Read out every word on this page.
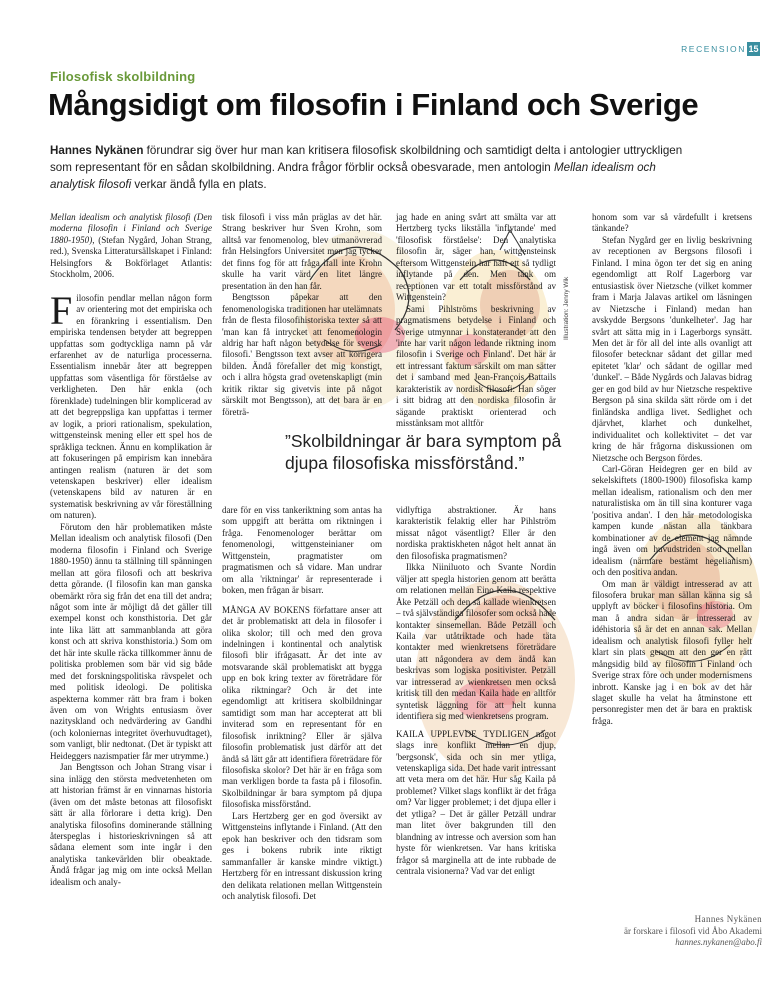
RECENSION 15
Filosofisk skolbildning
Mångsidigt om filosofin i Finland och Sverige
Hannes Nykänen förundrar sig över hur man kan kritisera filosofisk skolbildning och samtidigt delta i antologier uttryckligen som representant för en sådan skolbildning. Andra frågor förblir också obesvarade, men antologin Mellan idealism och analytisk filosofi verkar ändå fylla en plats.
Illustration: Jenny Wik
”Skolbildningar är bara symptom på djupa filosofiska missförstånd.”

Mellan idealism och analytisk filosofi (Den moderna filosofin i Finland och Sverige 1880-1950), (Stefan Nygård, Johan Strang, red.), Svenska Litteratursällskapet i Finland: Helsingfors & Bokförlaget Atlantis: Stockholm, 2006.

Filosofin pendlar mellan någon form av orientering mot det empiriska och en förankring i essentialism. Den empiriska tendensen betyder att begreppen uppfattas som godtyckliga namn på vår erfarenhet av de naturliga processerna. Essentialism innebär åter att begreppen uppfattas som väsentliga för förståelse av verkligheten. Den här enkla (och förenklade) tudelningen blir komplicerad av att det begreppsliga kan uppfattas i termer av logik, a priori rationalism, spekulation, wittgensteinsk mening eller ett spel hos de språkliga tecknen. Ännu en komplikation är att fokuseringen på empirism kan innebära antingen realism (naturen är det som vetenskapen beskriver) eller idealism (vetenskapens bild av naturen är en systematisk beskrivning av vår föreställning om naturen).

Förutom den här problematiken måste Mellan idealism och analytisk filosofi (Den moderna filosofin i Finland och Sverige 1880-1950) ännu ta ställning till spänningen mellan att göra filosofi och att beskriva detta görande. (I filosofin kan man ganska obemärkt röra sig från det ena till det andra; något som inte är möjligt då det gäller till exempel konst och konsthistoria. Det går inte lika lätt att sammanblanda att göra konst och att skriva konsthistoria.) Som om det här inte skulle räcka tillkommer ännu de politiska problemen som bär vid sig både med det forskningspolitiska rävspelet och med politisk ideologi. De politiska aspekterna kommer rätt bra fram i boken även om von Wrights entusiasm över nazityskland och nedvärdering av Gandhi (och koloniernas integritet överhuvudtaget), som vanligt, blir nedtonat. (Det är typiskt att Heideggers nazismpatier får mer utrymme.)

Jan Bengtsson och Johan Strang visar i sina inlägg den största medvetenheten om att historian främst är en vinnarnas historia (även om det måste betonas att filosofiskt sätt är alla förlorare i detta krig). Den analytiska filosofins dominerande ställning återspeglas i historieskrivningen så att sådana element som inte ingår i den analytiska tankevärlden blir obeaktade. Ändå frågar jag mig om inte också Mellan idealism och analy-

tisk filosofi i viss mån präglas av det här. Strang beskriver hur Sven Krohn, som alltså var fenomenolog, blev utmanövrerad från Helsingfors Universitet men jag tycker det finns fog för att fråga ifall inte Krohn skulle ha varit värd en litet längre presentation än den han får.

Bengtsson påpekar att den fenomenologiska traditionen har utelämnats från de flesta filosofihistoriska texter så att 'man kan få intrycket att fenomenologin aldrig har haft någon betydelse för svensk filosofi.' Bengtsson text avser att korrigera bilden. Ändå förefaller det mig konstigt, och i allra högsta grad ovetenskapligt (min kritik riktar sig givetvis inte på något särskilt mot Bengtsson), att det bara är en företrä-

dare för en viss tankeriktning som antas ha som uppgift att berätta om riktningen i fråga. Fenomenologer berättar om fenomenologi, wittgensteinianer om Wittgenstein, pragmatister om pragmatismen och så vidare. Man undrar om alla 'riktningar' är representerade i boken, men frågan är bisarr.

MÅNGA AV BOKENS författare anser att det är problematiskt att dela in filosofer i olika skolor; till och med den grova indelningen i kontinental och analytisk filosofi blir ifrågasatt. Är det inte av motsvarande skäl problematiskt att bygga upp en bok kring texter av företrädare för olika riktningar? Och är det inte egendomligt att kritisera skolbildningar samtidigt som man har accepterat att bli inviterad som en representant för en filosofisk inriktning? Eller är själva filosofin problematisk just därför att det ändå så lätt går att identifiera företrädare för filosofiska skolor? Det här är en fråga som man verkligen borde ta fasta på i filosofin. Skolbildningar är bara symptom på djupa filosofiska missförstånd.

Lars Hertzberg ger en god översikt av Wittgensteins inflytande i Finland. (Att den epok han beskriver och den tidsram som ges i bokens rubrik inte riktigt sammanfaller är kanske mindre viktigt.) Hertzberg för en intressant diskussion kring den delikata relationen mellan Wittgenstein och analytisk filosofi. Det

jag hade en aning svårt att smälta var att Hertzberg tycks likställa 'inflytande' med 'filosofisk förståelse': Den analytiska filosofin är, säger han, wittgensteinsk eftersom Wittgenstein har haft ett så tydligt inflytande på den. Men tänk om receptionen var ett totalt missförstånd av Wittgenstein?

Sami Pihlströms beskrivning av pragmatismens betydelse i Finland och Sverige utmynnar i konstaterandet att den 'inte har varit någon ledande riktning inom filosofin i Sverige och Finland'. Det här är ett intressant faktum särskilt om man sätter det i samband med Jean-François Battails karakteristik av nordisk filosofi: Han söger i sitt bidrag att den nordiska filosofin är sägande praktiskt orienterad och misstänksam mot alltför

vidlyftiga abstraktioner. Är hans karakteristik felaktig eller har Pihlström missat något väsentligt? Eller är den nordiska praktiskheten något helt annat än den filosofiska pragmatismen?

Ilkka Niiniluoto och Svante Nordin väljer att spegla historien genom att berätta om relationen mellan Eino Kaila respektive Åke Petzäll och den så kallade wienkretsen – två självständiga filosofer som också hade kontakter sinsemellan. Både Petzäll och Kaila var utåtriktade och hade täta kontakter med wienkretsens företrädare utan att någondera av dem ändå kan beskrivas som logiska positivister. Petzäll var intresserad av wienkretsen men också kritisk till den medan Kaila hade en alltför syntetisk läggning för att helt kunna identifiera sig med wienkretsens program.

KAILA UPPLEVDE TYDLIGEN något slags inre konflikt mellan en djup, 'bergsonsk', sida och sin mer ytliga, vetenskapliga sida. Det hade varit intressant att veta mera om det här. Hur såg Kaila på problemet? Vilket slags konflikt är det fråga om? Var ligger problemet; i det djupa eller i det ytliga? – Det är gäller Petzäll undrar man litet över bakgrunden till den blandning av intresse och aversion som han hyste för wienkretsen. Var hans kritiska frågor så marginella att de inte rubbade de centrala visionerna? Vad var det enligt

honom som var så värdefullt i kretsens tänkande?

Stefan Nygård ger en livlig beskrivning av receptionen av Bergsons filosofi i Finland. I mina ögon ter det sig en aning egendomligt att Rolf Lagerborg var entusiastisk över Nietzsche (vilket kommer fram i Marja Jalavas artikel om läsningen av Nietzsche i Finland) medan han avskydde Bergsons 'dunkelheter'. Jag har svårt att sätta mig in i Lagerborgs synsätt. Men det är för all del inte alls ovanligt att filosofer betecknar sådant det gillar med epitetet 'klar' och sådant de ogillar med 'dunkel'. – Både Nygårds och Jalavas bidrag ger en god bild av hur Nietzsche respektive Bergson på sina skilda sätt rörde om i det finländska andliga livet. Sedlighet och djärvhet, klarhet och dunkelhet, individualitet och kollektivitet – det var kring de här frågorna diskussionen om Nietzsche och Bergson fördes.

Carl-Göran Heidegren ger en bild av sekelskiftets (1800-1900) filosofiska kamp mellan idealism, rationalism och den mer naturalistiska om än till sina konturer vaga 'positiva andan'. I den här metodologiska kampen kunde nästan alla tänkbara kombinationer av de element jag nämnde ingå även om huvudstriden stod mellan idealism (närmare bestämt hegelianism) och den positiva andan.

Om man är väldigt intresserad av att filosofera brukar man sällan känna sig så upplyft av böcker i filosofins historia. Om man å andra sidan är intresserad av idéhistoria så är det en annan sak. Mellan idealism och analytisk filosofi fyller helt klart sin plats genom att den ger en rätt mångsidig bild av filosofin i Finland och Sverige strax före och under modernismens inbrott. Kanske jag i en bok av det här slaget skulle ha velat ha åtminstone ett personregister men det är bara en praktisk fråga.

Hannes Nykänen
är forskare i filosofi vid Åbo Akademi
hannes.nykanen@abo.fi
